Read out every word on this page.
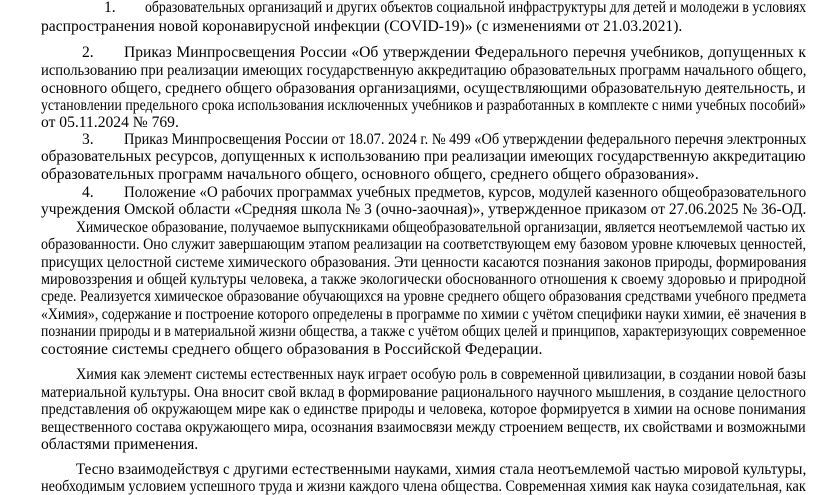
1. образовательных организаций и других объектов социальной инфраструктуры для детей и молодежи в условиях
распространения новой коронавирусной инфекции (COVID-19)» (с изменениями от 21.03.2021).
2. Приказ Минпросвещения России «Об утверждении Федерального перечня учебников, допущенных к
использованию при реализации имеющих государственную аккредитацию образовательных программ начального общего,
основного общего, среднего общего образования организациями, осуществляющими образовательную деятельность, и
установлении предельного срока использования исключенных учебников и разработанных в комплекте с ними учебных пособий»
от 05.11.2024 № 769.
3. Приказ Минпросвещения России от 18.07. 2024 г. № 499 «Об утверждении федерального перечня электронных
образовательных ресурсов, допущенных к использованию при реализации имеющих государственную аккредитацию
образовательных программ начального общего, основного общего, среднего общего образования».
4. Положение «О рабочих программах учебных предметов, курсов, модулей казенного общеобразовательного
учреждения Омской области «Средняя школа № 3 (очно-заочная)», утвержденное приказом от 27.06.2025 № 36-ОД.
Химическое образование, получаемое выпускниками общеобразовательной организации, является неотъемлемой частью их
образованности. Оно служит завершающим этапом реализации на соответствующем ему базовом уровне ключевых ценностей,
присущих целостной системе химического образования. Эти ценности касаются познания законов природы, формирования
мировоззрения и общей культуры человека, а также экологически обоснованного отношения к своему здоровью и природной
среде. Реализуется химическое образование обучающихся на уровне среднего общего образования средствами учебного предмета
«Химия», содержание и построение которого определены в программе по химии с учётом специфики науки химии, её значения в
познании природы и в материальной жизни общества, а также с учётом общих целей и принципов, характеризующих современное
состояние системы среднего общего образования в Российской Федерации.
Химия как элемент системы естественных наук играет особую роль в современной цивилизации, в создании новой базы
материальной культуры. Она вносит свой вклад в формирование рационального научного мышления, в создание целостного
представления об окружающем мире как о единстве природы и человека, которое формируется в химии на основе понимания
вещественного состава окружающего мира, осознания взаимосвязи между строением веществ, их свойствами и возможными
областями применения.
Тесно взаимодействуя с другими естественными науками, химия стала неотъемлемой частью мировой культуры,
необходимым условием успешного труда и жизни каждого члена общества. Современная химия как наука созидательная, как
